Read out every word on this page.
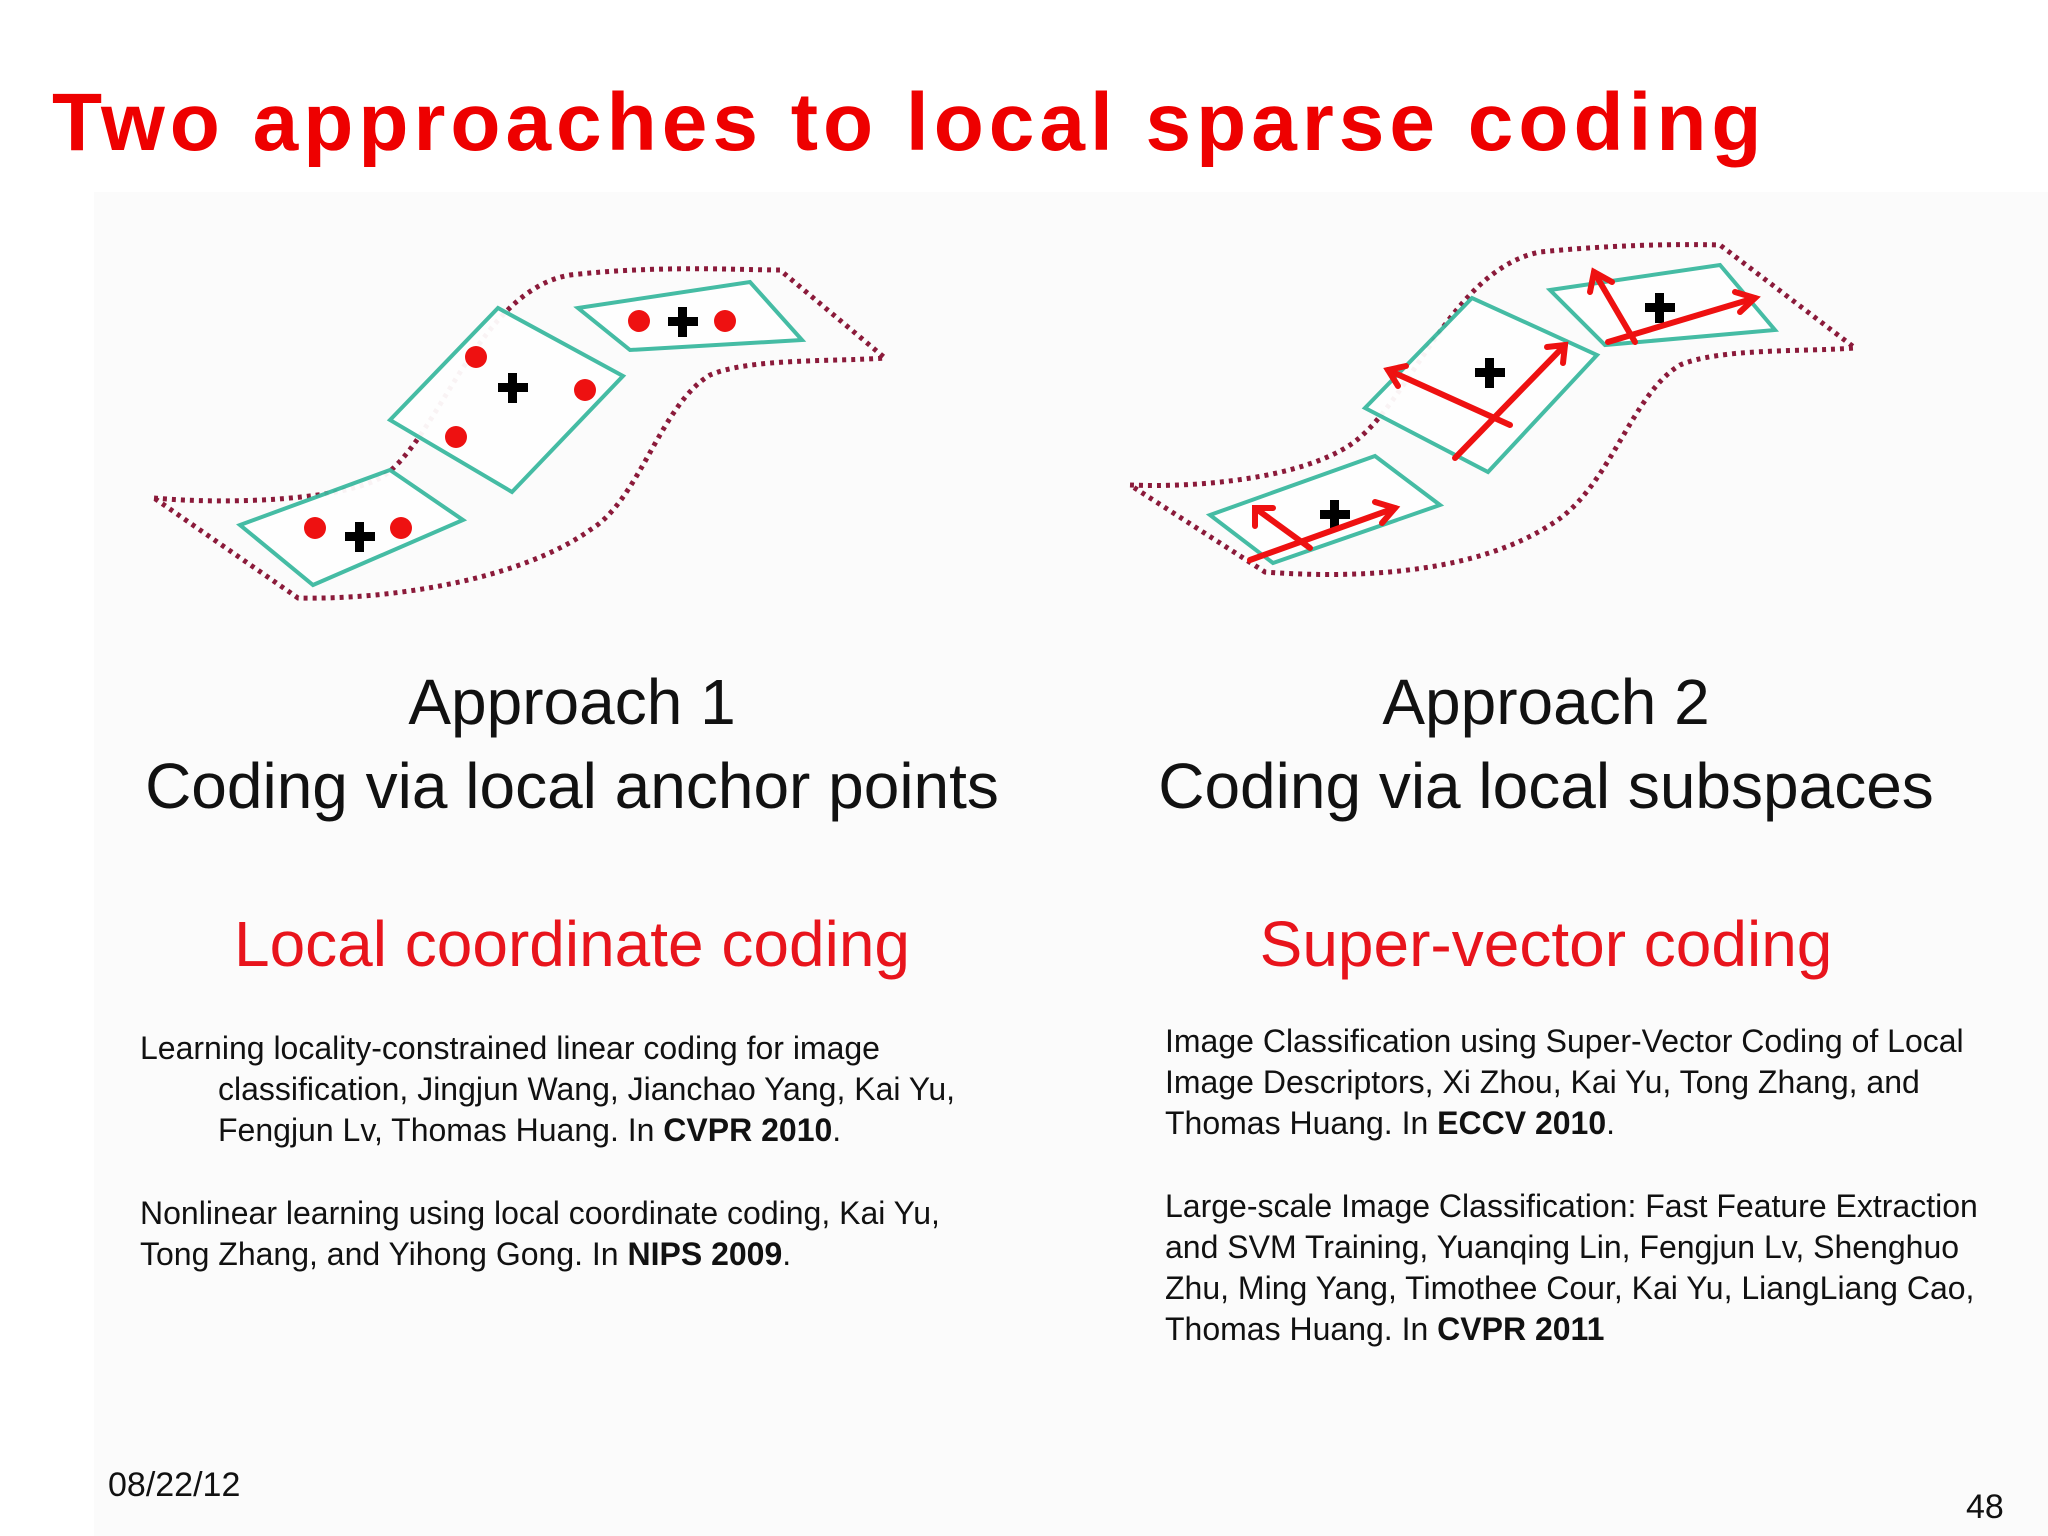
Two approaches to local sparse coding
Approach 1
Coding via local anchor points
Local coordinate coding
Learning locality-constrained linear coding for image classification, Jingjun Wang, Jianchao Yang, Kai Yu, Fengjun Lv, Thomas Huang. In CVPR 2010.
Nonlinear learning using local coordinate coding, Kai Yu, Tong Zhang, and Yihong Gong. In NIPS 2009.
Approach 2
Coding via local subspaces
Super-vector coding
Image Classification using Super-Vector Coding of Local Image Descriptors, Xi Zhou, Kai Yu, Tong Zhang, and Thomas Huang. In ECCV 2010.
Large-scale Image Classification: Fast Feature Extraction and SVM Training, Yuanqing Lin, Fengjun Lv, Shenghuo Zhu, Ming Yang, Timothee Cour, Kai Yu, LiangLiang Cao, Thomas Huang. In CVPR 2011
08/22/12
48
